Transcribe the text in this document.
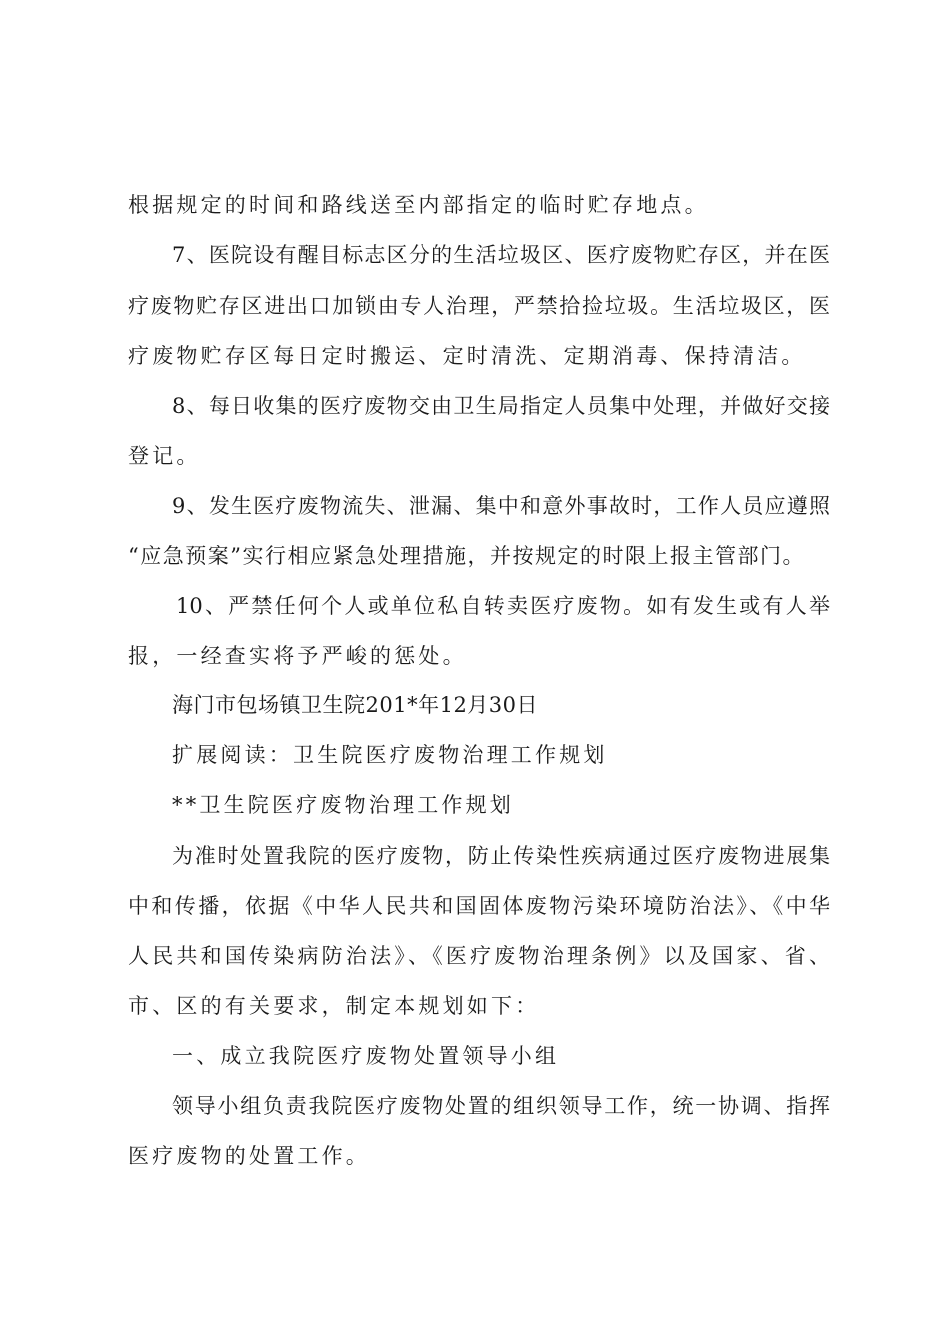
根据规定的时间和路线送至内部指定的临时贮存地点。
7、医院设有醒目标志区分的生活垃圾区、医疗废物贮存区，并在医
疗废物贮存区进出口加锁由专人治理，严禁拾捡垃圾。生活垃圾区，医
疗废物贮存区每日定时搬运、定时清洗、定期消毒、保持清洁。
8、每日收集的医疗废物交由卫生局指定人员集中处理，并做好交接
登记。
9、发生医疗废物流失、泄漏、集中和意外事故时，工作人员应遵照
“应急预案”实行相应紧急处理措施，并按规定的时限上报主管部门。
10、严禁任何个人或单位私自转卖医疗废物。如有发生或有人举
报，一经查实将予严峻的惩处。
海门市包场镇卫生院201*年12月30日
扩展阅读：卫生院医疗废物治理工作规划
**卫生院医疗废物治理工作规划
为准时处置我院的医疗废物，防止传染性疾病通过医疗废物进展集
中和传播，依据《中华人民共和国固体废物污染环境防治法》、《中华
人民共和国传染病防治法》、《医疗废物治理条例》以及国家、省、
市、区的有关要求，制定本规划如下：
一、成立我院医疗废物处置领导小组
领导小组负责我院医疗废物处置的组织领导工作，统一协调、指挥
医疗废物的处置工作。
